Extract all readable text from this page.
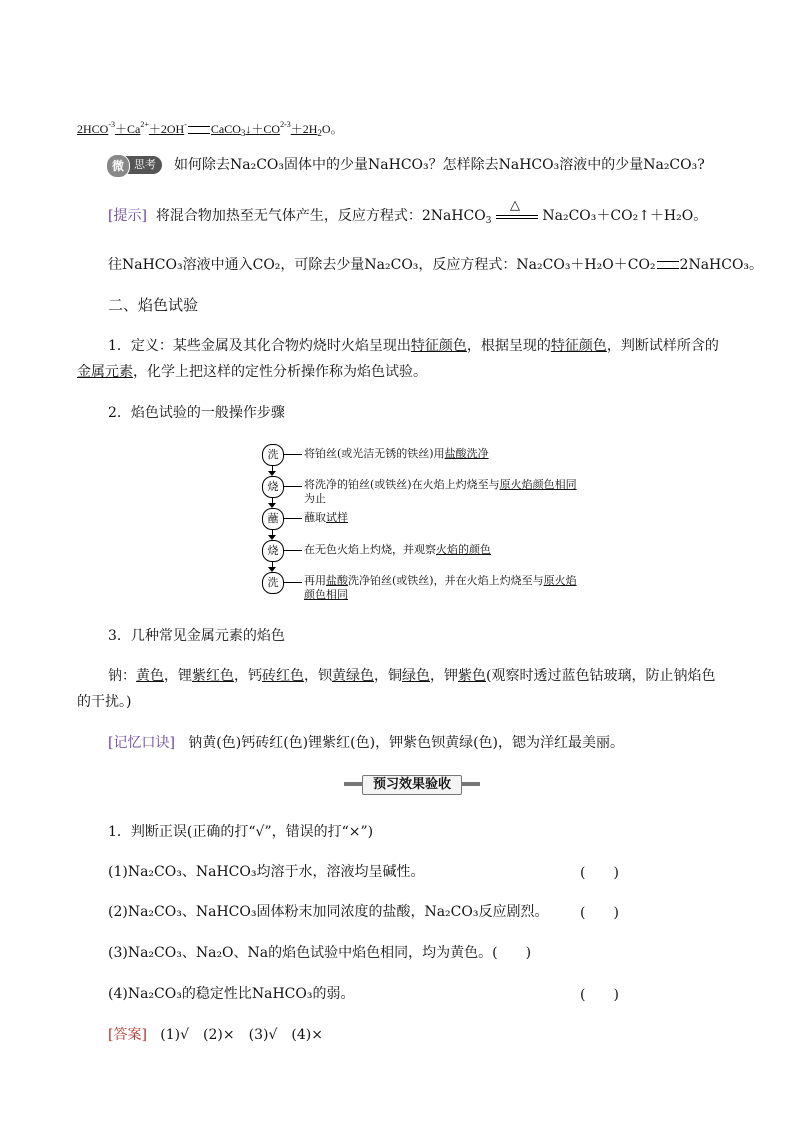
$2HCO^{-3}+Ca^{2+}+2OH^-$ $CaCO_3↓+CO^{2-3}+2H_2O$。
微 思考 如何除去Na₂CO₃固体中的少量NaHCO₃？怎样除去NaHCO₃溶液中的少量Na₂CO₃?
[提示] 将混合物加热至无气体产生，反应方程式：2NaHCO$_3$
△
Na₂CO₃＋CO₂↑＋H₂O。
往NaHCO₃溶液中通入CO₂，可除去少量Na₂CO₃，反应方程式：Na₂CO₃＋H₂O＋CO₂ 2NaHCO₃。
二、焰色试验
1．定义：某些金属及其化合物灼烧时火焰呈现出特征颜色，根据呈现的特征颜色，判断试样所含的
金属元素，化学上把这样的定性分析操作称为焰色试验。
2．焰色试验的一般操作步骤
洗	将铂丝(或光洁无锈的铁丝)用盐酸洗净
烧	将洗净的铂丝(或铁丝)在火焰上灼烧至与原火焰颜色相同
为止
蘸	蘸取试样
烧	在无色火焰上灼烧，并观察火焰的颜色
洗	再用盐酸洗净铂丝(或铁丝)，并在火焰上灼烧至与原火焰
颜色相同
3．几种常见金属元素的焰色
钠：黄色，锂紫红色，钙砖红色，钡黄绿色，铜绿色，钾紫色(观察时透过蓝色钴玻璃，防止钠焰色
的干扰。)
[记忆口诀] 钠黄(色)钙砖红(色)锂紫红(色)，钾紫色钡黄绿(色)，锶为洋红最美丽。
预习效果验收
1．判断正误(正确的打“√”，错误的打“×”)
(1)Na₂CO₃、NaHCO₃均溶于水，溶液均呈碱性。	(　　)
(2)Na₂CO₃、NaHCO₃固体粉末加同浓度的盐酸，Na₂CO₃反应剧烈。 (　　)
(3)Na₂CO₃、Na₂O、Na的焰色试验中焰色相同，均为黄色。(　　)
(4)Na₂CO₃的稳定性比NaHCO₃的弱。	(　　)
[答案] (1)√　(2)×　(3)√　(4)×
